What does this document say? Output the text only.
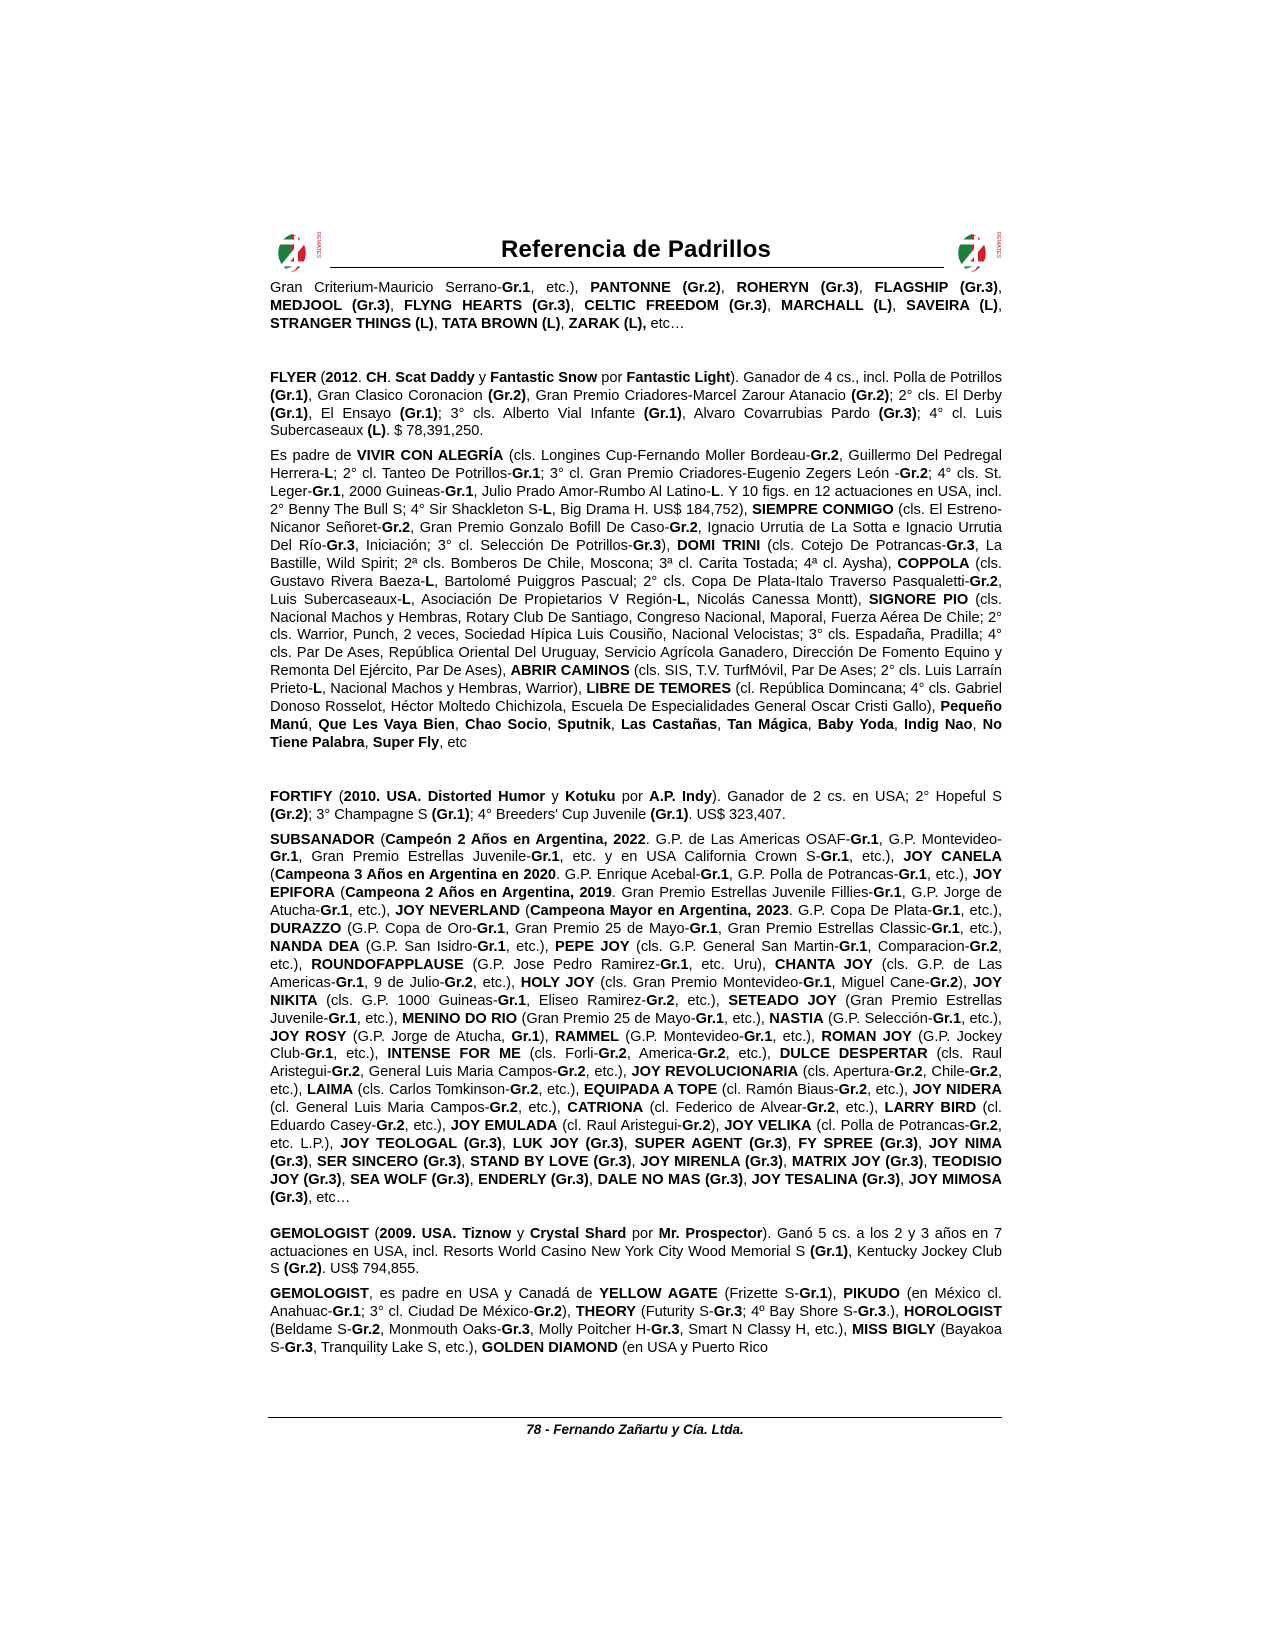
REMATES	Referencia de Padrillos	REMATES

Gran Criterium-Mauricio Serrano-Gr.1, etc.), PANTONNE (Gr.2), ROHERYN (Gr.3), FLAGSHIP (Gr.3), MEDJOOL (Gr.3), FLYNG HEARTS (Gr.3), CELTIC FREEDOM (Gr.3), MARCHALL (L), SAVEIRA (L), STRANGER THINGS (L), TATA BROWN (L), ZARAK (L), etc…

FLYER (2012. CH. Scat Daddy y Fantastic Snow por Fantastic Light). Ganador de 4 cs., incl. Polla de Potrillos (Gr.1), Gran Clasico Coronacion (Gr.2), Gran Premio Criadores-Marcel Zarour Atanacio (Gr.2); 2° cls. El Derby (Gr.1), El Ensayo (Gr.1); 3° cls. Alberto Vial Infante (Gr.1), Alvaro Covarrubias Pardo (Gr.3); 4° cl. Luis Subercaseaux (L). $ 78,391,250.

Es padre de VIVIR CON ALEGRÍA (cls. Longines Cup-Fernando Moller Bordeau-Gr.2, Guillermo Del Pedregal Herrera-L; 2° cl. Tanteo De Potrillos-Gr.1; 3° cl. Gran Premio Criadores-Eugenio Zegers León -Gr.2; 4° cls. St. Leger-Gr.1, 2000 Guineas-Gr.1, Julio Prado Amor-Rumbo Al Latino-L. Y 10 figs. en 12 actuaciones en USA, incl. 2° Benny The Bull S; 4° Sir Shackleton S-L, Big Drama H. US$ 184,752), SIEMPRE CONMIGO (cls. El Estreno-Nicanor Señoret-Gr.2, Gran Premio Gonzalo Bofill De Caso-Gr.2, Ignacio Urrutia de La Sotta e Ignacio Urrutia Del Río-Gr.3, Iniciación; 3° cl. Selección De Potrillos-Gr.3), DOMI TRINI (cls. Cotejo De Potrancas-Gr.3, La Bastille, Wild Spirit; 2ª cls. Bomberos De Chile, Moscona; 3ª cl. Carita Tostada; 4ª cl. Aysha), COPPOLA (cls. Gustavo Rivera Baeza-L, Bartolomé Puiggros Pascual; 2° cls. Copa De Plata-Italo Traverso Pasqualetti-Gr.2, Luis Subercaseaux-L, Asociación De Propietarios V Región-L, Nicolás Canessa Montt), SIGNORE PIO (cls. Nacional Machos y Hembras, Rotary Club De Santiago, Congreso Nacional, Maporal, Fuerza Aérea De Chile; 2° cls. Warrior, Punch, 2 veces, Sociedad Hípica Luis Cousiño, Nacional Velocistas; 3° cls. Espadaña, Pradilla; 4° cls. Par De Ases, República Oriental Del Uruguay, Servicio Agrícola Ganadero, Dirección De Fomento Equino y Remonta Del Ejército, Par De Ases), ABRIR CAMINOS (cls. SIS, T.V. TurfMóvil, Par De Ases; 2° cls. Luis Larraín Prieto-L, Nacional Machos y Hembras, Warrior), LIBRE DE TEMORES (cl. República Domincana; 4° cls. Gabriel Donoso Rosselot, Héctor Moltedo Chichizola, Escuela De Especialidades General Oscar Cristi Gallo), Pequeño Manú, Que Les Vaya Bien, Chao Socio, Sputnik, Las Castañas, Tan Mágica, Baby Yoda, Indig Nao, No Tiene Palabra, Super Fly, etc

FORTIFY (2010. USA. Distorted Humor y Kotuku por A.P. Indy). Ganador de 2 cs. en USA; 2° Hopeful S (Gr.2); 3° Champagne S (Gr.1); 4° Breeders' Cup Juvenile (Gr.1). US$ 323,407.

SUBSANADOR (Campeón 2 Años en Argentina, 2022. G.P. de Las Americas OSAF-Gr.1, G.P. Montevideo-Gr.1, Gran Premio Estrellas Juvenile-Gr.1, etc. y en USA California Crown S-Gr.1, etc.), JOY CANELA (Campeona 3 Años en Argentina en 2020. G.P. Enrique Acebal-Gr.1, G.P. Polla de Potrancas-Gr.1, etc.), JOY EPIFORA (Campeona 2 Años en Argentina, 2019. Gran Premio Estrellas Juvenile Fillies-Gr.1, G.P. Jorge de Atucha-Gr.1, etc.), JOY NEVERLAND (Campeona Mayor en Argentina, 2023. G.P. Copa De Plata-Gr.1, etc.), DURAZZO (G.P. Copa de Oro-Gr.1, Gran Premio 25 de Mayo-Gr.1, Gran Premio Estrellas Classic-Gr.1, etc.), NANDA DEA (G.P. San Isidro-Gr.1, etc.), PEPE JOY (cls. G.P. General San Martin-Gr.1, Comparacion-Gr.2, etc.), ROUNDOFAPPLAUSE (G.P. Jose Pedro Ramirez-Gr.1, etc. Uru), CHANTA JOY (cls. G.P. de Las Americas-Gr.1, 9 de Julio-Gr.2, etc.), HOLY JOY (cls. Gran Premio Montevideo-Gr.1, Miguel Cane-Gr.2), JOY NIKITA (cls. G.P. 1000 Guineas-Gr.1, Eliseo Ramirez-Gr.2, etc.), SETEADO JOY (Gran Premio Estrellas Juvenile-Gr.1, etc.), MENINO DO RIO (Gran Premio 25 de Mayo-Gr.1, etc.), NASTIA (G.P. Selección-Gr.1, etc.), JOY ROSY (G.P. Jorge de Atucha, Gr.1), RAMMEL (G.P. Montevideo-Gr.1, etc.), ROMAN JOY (G.P. Jockey Club-Gr.1, etc.), INTENSE FOR ME (cls. Forli-Gr.2, America-Gr.2, etc.), DULCE DESPERTAR (cls. Raul Aristegui-Gr.2, General Luis Maria Campos-Gr.2, etc.), JOY REVOLUCIONARIA (cls. Apertura-Gr.2, Chile-Gr.2, etc.), LAIMA (cls. Carlos Tomkinson-Gr.2, etc.), EQUIPADA A TOPE (cl. Ramón Biaus-Gr.2, etc.), JOY NIDERA (cl. General Luis Maria Campos-Gr.2, etc.), CATRIONA (cl. Federico de Alvear-Gr.2, etc.), LARRY BIRD (cl. Eduardo Casey-Gr.2, etc.), JOY EMULADA (cl. Raul Aristegui-Gr.2), JOY VELIKA (cl. Polla de Potrancas-Gr.2, etc. L.P.), JOY TEOLOGAL (Gr.3), LUK JOY (Gr.3), SUPER AGENT (Gr.3), FY SPREE (Gr.3), JOY NIMA (Gr.3), SER SINCERO (Gr.3), STAND BY LOVE (Gr.3), JOY MIRENLA (Gr.3), MATRIX JOY (Gr.3), TEODISIO JOY (Gr.3), SEA WOLF (Gr.3), ENDERLY (Gr.3), DALE NO MAS (Gr.3), JOY TESALINA (Gr.3), JOY MIMOSA (Gr.3), etc…

GEMOLOGIST (2009. USA. Tiznow y Crystal Shard por Mr. Prospector). Ganó 5 cs. a los 2 y 3 años en 7 actuaciones en USA, incl. Resorts World Casino New York City Wood Memorial S (Gr.1), Kentucky Jockey Club S (Gr.2). US$ 794,855.

GEMOLOGIST, es padre en USA y Canadá de YELLOW AGATE (Frizette S-Gr.1), PIKUDO (en México cl. Anahuac-Gr.1; 3° cl. Ciudad De México-Gr.2), THEORY (Futurity S-Gr.3; 4º Bay Shore S-Gr.3.), HOROLOGIST (Beldame S-Gr.2, Monmouth Oaks-Gr.3, Molly Poitcher H-Gr.3, Smart N Classy H, etc.), MISS BIGLY (Bayakoa S-Gr.3, Tranquility Lake S, etc.), GOLDEN DIAMOND (en USA y Puerto Rico

78 - Fernando Zañartu y Cía. Ltda.
